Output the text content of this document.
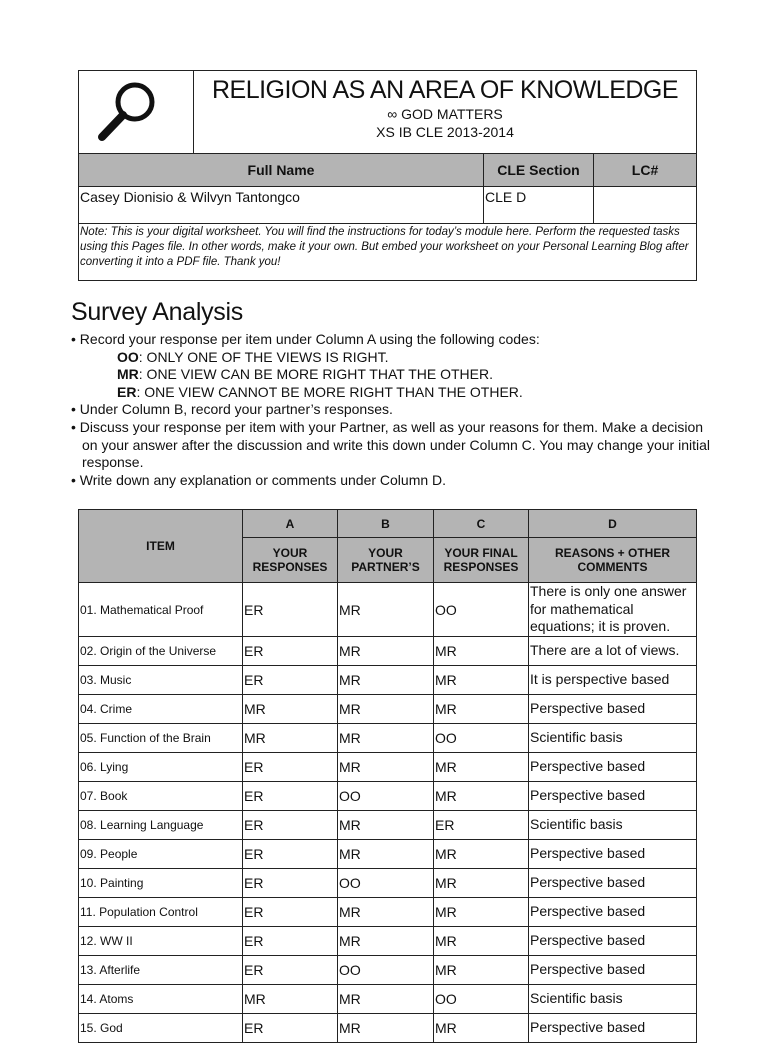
RELIGION AS AN AREA OF KNOWLEDGE
∞ GOD MATTERS
XS IB CLE 2013-2014		

Full Name		CLE Section	LC#
Casey Dionisio & Wilvyn Tantongco		CLE D	
Note: This is your digital worksheet. You will find the instructions for today’s module here. Perform the requested tasks using this Pages file. In other words, make it your own. But embed your worksheet on your Personal Learning Blog after converting it into a PDF file. Thank you!			
Survey Analysis
• Record your response per item under Column A using the following codes:
OO: ONLY ONE OF THE VIEWS IS RIGHT.
MR: ONE VIEW CAN BE MORE RIGHT THAT THE OTHER.
ER: ONE VIEW CANNOT BE MORE RIGHT THAN THE OTHER.
• Under Column B, record your partner’s responses.
• Discuss your response per item with your Partner, as well as your reasons for them. Make a decision on your answer after the discussion and write this down under Column C. You may change your initial response.
• Write down any explanation or comments under Column D.
ITEM	A	B	C	D
	YOUR RESPONSES	YOUR PARTNER’S	YOUR FINAL RESPONSES	REASONS + OTHER COMMENTS
01. Mathematical Proof	ER	MR	OO	There is only one answer for mathematical equations; it is proven.
02. Origin of the Universe	ER	MR	MR	There are a lot of views.
03. Music	ER	MR	MR	It is perspective based
04. Crime	MR	MR	MR	Perspective based
05. Function of the Brain	MR	MR	OO	Scientific basis
06. Lying	ER	MR	MR	Perspective based
07. Book	ER	OO	MR	Perspective based
08. Learning Language	ER	MR	ER	Scientific basis
09. People	ER	MR	MR	Perspective based
10. Painting	ER	OO	MR	Perspective based
11. Population Control	ER	MR	MR	Perspective based
12. WW II	ER	MR	MR	Perspective based
13. Afterlife	ER	OO	MR	Perspective based
14. Atoms	MR	MR	OO	Scientific basis
15. God	ER	MR	MR	Perspective based
